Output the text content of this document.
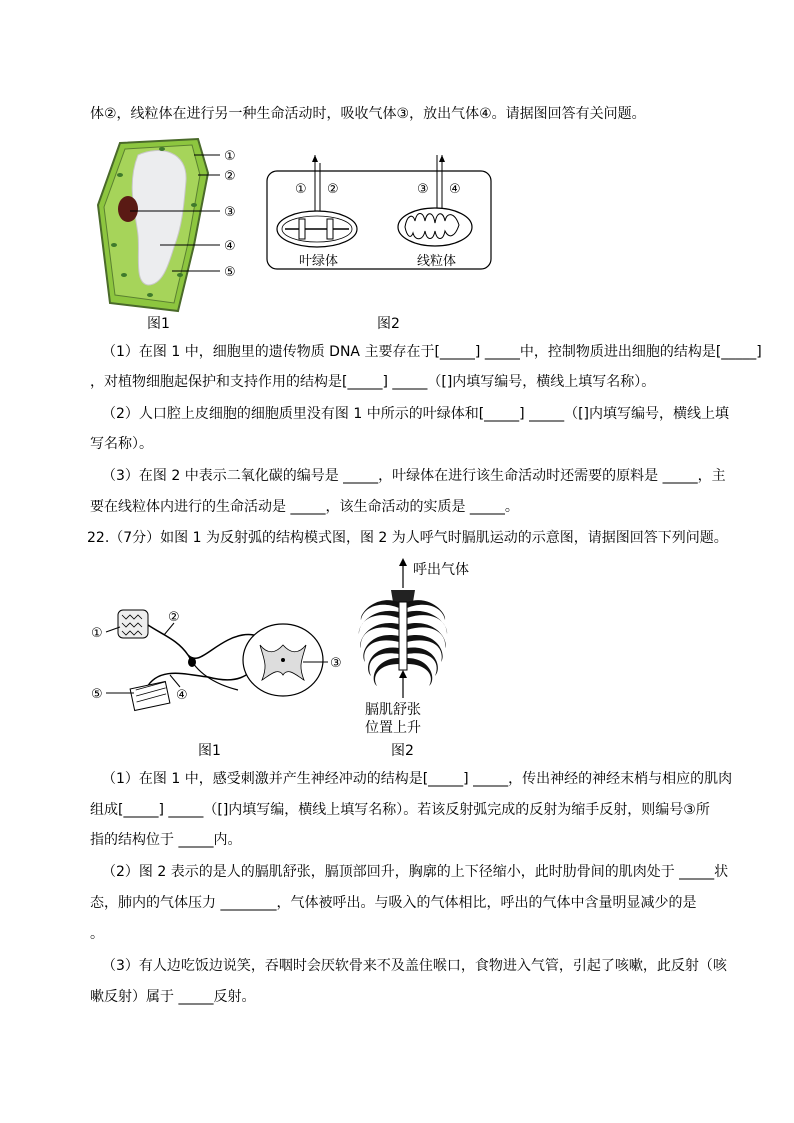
体②，线粒体在进行另一种生命活动时，吸收气体③，放出气体④。请据图回答有关问题。
①
②
③
④
⑤
① ②
叶绿体
③ ④
线粒体
图1	图2
（1）在图 1 中，细胞里的遗传物质 DNA 主要存在于[_____] _____中，控制物质进出细胞的结构是[_____]
，对植物细胞起保护和支持作用的结构是[_____] _____（[]内填写编号，横线上填写名称）。
（2）人口腔上皮细胞的细胞质里没有图 1 中所示的叶绿体和[_____] _____（[]内填写编号，横线上填
写名称）。
（3）在图 2 中表示二氧化碳的编号是 _____，叶绿体在进行该生命活动时还需要的原料是 _____，主
要在线粒体内进行的生命活动是 _____，该生命活动的实质是 _____。
22.（7分）如图 1 为反射弧的结构模式图，图 2 为人呼气时膈肌运动的示意图，请据图回答下列问题。
①
②
③
④
⑤
呼出气体
膈肌舒张
位置上升
图1	图2
（1）在图 1 中，感受刺激并产生神经冲动的结构是[_____] _____，传出神经的神经末梢与相应的肌肉
组成[_____] _____（[]内填写编，横线上填写名称）。若该反射弧完成的反射为缩手反射，则编号③所
指的结构位于 _____内。
（2）图 2 表示的是人的膈肌舒张，膈顶部回升，胸廓的上下径缩小，此时肋骨间的肌肉处于 _____状
态，肺内的气体压力 ________，气体被呼出。与吸入的气体相比，呼出的气体中含量明显减少的是
。
（3）有人边吃饭边说笑，吞咽时会厌软骨来不及盖住喉口，食物进入气管，引起了咳嗽，此反射（咳
嗽反射）属于 _____反射。
